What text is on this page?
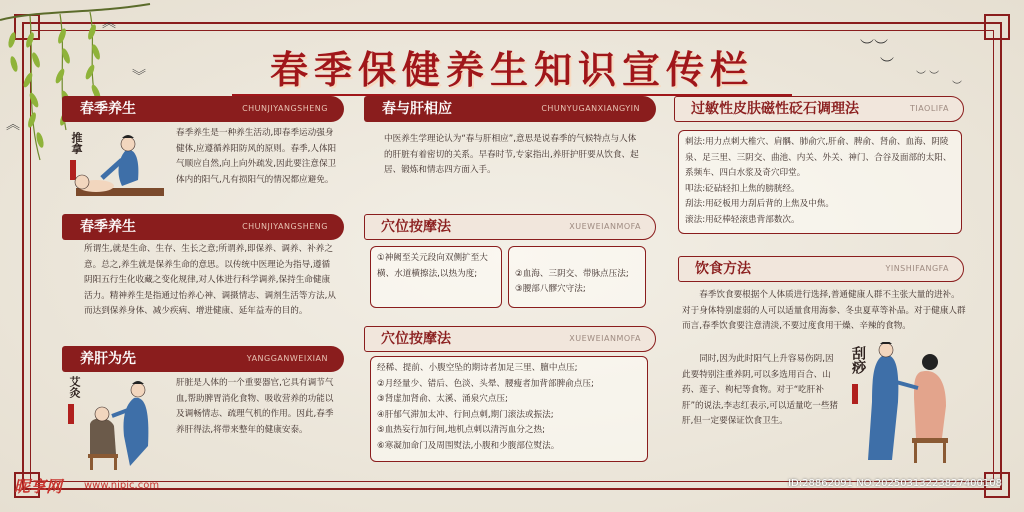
︽
︾
︽
︶︶
︶
︶ ︶
︶
春季保健养生知识宣传栏
春季养生	CHUNJIYANGSHENG
春季养生是一种养生活动,即春季运动强身健体,应遵循养阳防风的原则。春季,人体阳气顺应自然,向上向外疏发,因此要注意保卫体内的阳气,凡有损阳气的情况都应避免。
推拿
春季养生	CHUNJIYANGSHENG
所谓生,就是生命、生存、生长之意;所谓养,即保养、调养、补养之意。总之,养生就是保养生命的意思。以传统中医理论为指导,遵循阴阳五行生化收藏之变化规律,对人体进行科学调养,保持生命健康活力。精神养生是指通过怡养心神、调摄情志、调剂生活等方法,从而达到保养身体、减少疾病、增进健康、延年益寿的目的。
养肝为先	YANGGANWEIXIAN
肝脏是人体的一个重要器官,它具有调节气血,帮助脾胃消化食物、吸收营养的功能以及调畅情志、疏理气机的作用。因此,春季养肝得法,将带来整年的健康安泰。
艾灸
春与肝相应	CHUNYUGANXIANGYIN
中医养生学理论认为“春与肝相应”,意思是说春季的气候特点与人体的肝脏有着密切的关系。早春时节,专家指出,养肝护肝要从饮食、起居、锻炼和情志四方面入手。
穴位按摩法	XUEWEIANMOFA

①神阙至关元段向双侧扩至大横、水道横擦法,以热为度;	②血海、三阴交、带脉点压法;
③腰部八髎穴守法;

穴位按摩法	XUEWEIANMOFA

经稀、提前、小腹空坠的期诗者加足三里、膻中点压;

②月经量少、错后、色淡、头晕、腰瘦者加背部脾俞点压;

③肾虚加肾俞、太溪、涌泉穴点压;

④肝郁气滞加太冲、行间点刺,期门滚法或振法;

⑤血热妄行加行间,地机点刺以清泻血分之热;

⑥寒凝加命门及周围熨法,小腹和少腹部位熨法。

过敏性皮肤磁性砭石调理法	TIAOLIFA

刺法:用力点刺大椎穴、肩髃、肺俞穴,肝俞、脾俞、肾俞、血海、阴陵泉、足三里、三阴交、曲池、内关、外关、神门、合谷及面部的太阳、系频车、四白水浆及奇穴印堂。

叩法:砭砧轻扣上焦的膀胱经。

刮法:用砭板用力刮后背的上焦及中焦。

滚法:用砭棒轻滚患背部数次。

饮食方法	YINSHIFANGFA
春季饮食要根据个人体质进行选择,普通健康人群不主张大量的进补。对于身体特别虚弱的人可以适量食用海参、冬虫夏草等补品。对于健康人群而言,春季饮食要注意清淡,不要过度食用干燥、辛辣的食物。
同时,因为此时阳气上升容易伤阴,因此要特别注重养阴,可以多选用百合、山药、莲子、枸杞等食物。对于“吃肝补肝”的说法,李志红表示,可以适量吃一些猪肝,但一定要保证饮食卫生。
刮痧
昵享网 www.nipic.com	ID:28862091 NO:20250313223827400108
